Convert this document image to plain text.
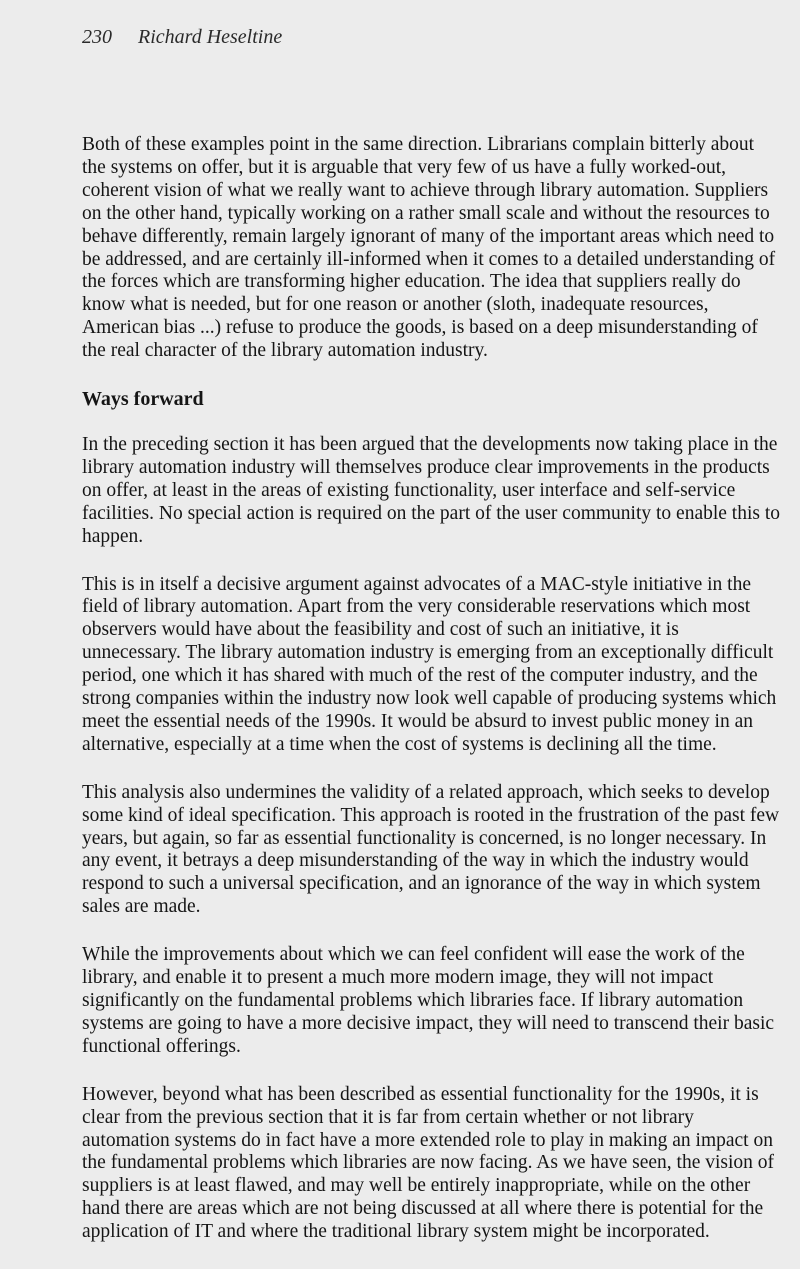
230 Richard Heseltine

Both of these examples point in the same direction. Librarians complain bitterly about the systems on offer, but it is arguable that very few of us have a fully worked-out, coherent vision of what we really want to achieve through library automation. Suppliers on the other hand, typically working on a rather small scale and without the resources to behave differently, remain largely ignorant of many of the important areas which need to be addressed, and are certainly ill-informed when it comes to a detailed understanding of the forces which are transforming higher education. The idea that suppliers really do know what is needed, but for one reason or another (sloth, inadequate resources, American bias ...) refuse to produce the goods, is based on a deep misunderstanding of the real character of the library automation industry.

Ways forward

In the preceding section it has been argued that the developments now taking place in the library automation industry will themselves produce clear improvements in the products on offer, at least in the areas of existing functionality, user interface and self-service facilities. No special action is required on the part of the user community to enable this to happen.

This is in itself a decisive argument against advocates of a MAC-style initiative in the field of library automation. Apart from the very considerable reservations which most observers would have about the feasibility and cost of such an initiative, it is unnecessary. The library automation industry is emerging from an exceptionally difficult period, one which it has shared with much of the rest of the computer industry, and the strong companies within the industry now look well capable of producing systems which meet the essential needs of the 1990s. It would be absurd to invest public money in an alternative, especially at a time when the cost of systems is declining all the time.

This analysis also undermines the validity of a related approach, which seeks to develop some kind of ideal specification. This approach is rooted in the frustration of the past few years, but again, so far as essential functionality is concerned, is no longer necessary. In any event, it betrays a deep misunderstanding of the way in which the industry would respond to such a universal specification, and an ignorance of the way in which system sales are made.

While the improvements about which we can feel confident will ease the work of the library, and enable it to present a much more modern image, they will not impact significantly on the fundamental problems which libraries face. If library automation systems are going to have a more decisive impact, they will need to transcend their basic functional offerings.

However, beyond what has been described as essential functionality for the 1990s, it is clear from the previous section that it is far from certain whether or not library automation systems do in fact have a more extended role to play in making an impact on the fundamental problems which libraries are now facing. As we have seen, the vision of suppliers is at least flawed, and may well be entirely inappropriate, while on the other hand there are areas which are not being discussed at all where there is potential for the application of IT and where the traditional library system might be incorporated.
